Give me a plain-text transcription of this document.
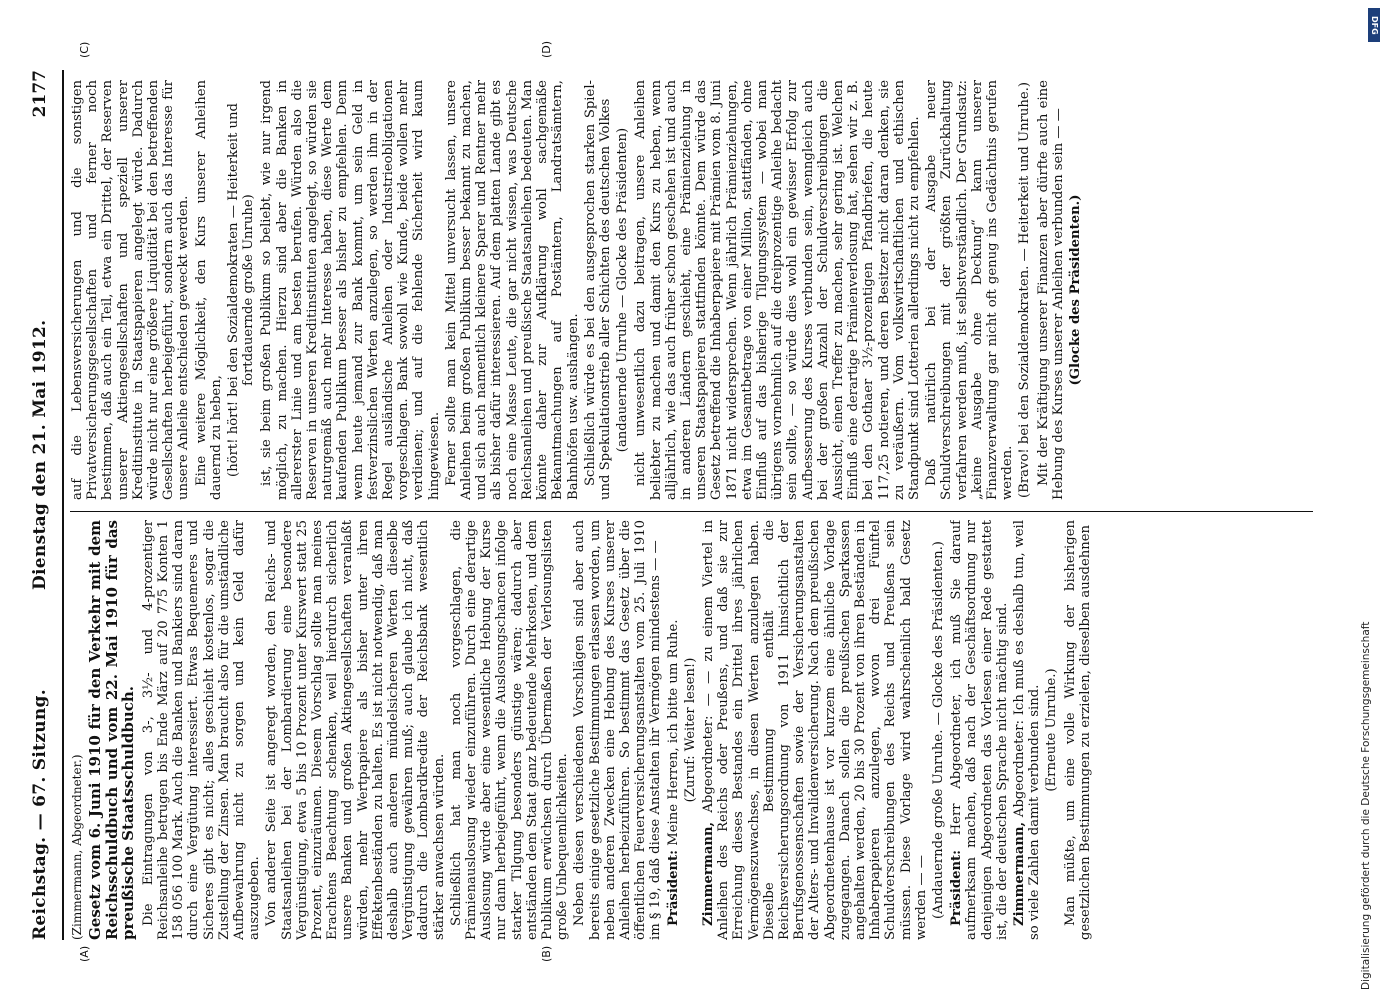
Reichstag. — 67. Sitzung.
Dienstag den 21. Mai 1912.
2177
(A)	(B)
(C)	(D)

(Zimmermann, Abgeordneter.) Gesetz vom 6. Juni 1910 für den Verkehr mit dem Reichsschuldbuch und vom 22. Mai 1910 für das preußische Staatsschuldbuch. Die Eintragungen von 3-, 3½- und 4-prozentiger Reichsanleihe betrugen bis Ende März auf 20 775 Konten 1 158 056 100 Mark. Auch die Banken und Bankiers sind daran durch eine Vergütung interessiert. Etwas Bequemeres und Sicheres gibt es nicht; alles geschieht kostenlos, sogar die Zustellung der Zinsen. Man braucht also für die umständliche Aufbewahrung nicht zu sorgen und kein Geld dafür auszugeben. Von anderer Seite ist angeregt worden, den Reichs- und Staatsanleihen bei der Lombardierung eine besondere Vergünstigung, etwa 5 bis 10 Prozent unter Kurswert statt 25 Prozent, einzuräumen. Diesem Vorschlag sollte man meines Erachtens Beachtung schenken, weil hierdurch sicherlich unsere Banken und großen Aktiengesellschaften veranlaßt würden, mehr Wertpapiere als bisher unter ihren Effektenbeständen zu halten. Es ist nicht notwendig, daß man deshalb auch anderen mündelsicheren Werten dieselbe Vergünstigung gewähren muß; auch glaube ich nicht, daß dadurch die Lombardkredite der Reichsbank wesentlich stärker anwachsen würden. Schließlich hat man noch vorgeschlagen, die Prämienauslosung wieder einzuführen. Durch eine derartige Auslosung würde aber eine wesentliche Hebung der Kurse nur dann herbeigeführt, wenn die Auslosungschancen infolge starker Tilgung besonders günstige wären; dadurch aber entständen dem Staat ganz bedeutende Mehrkosten, und dem Publikum erwüchsen durch Übermaßen der Verlosungslisten große Unbequemlichkeiten. Neben diesen verschiedenen Vorschlägen sind aber auch bereits einige gesetzliche Bestimmungen erlassen worden, um neben anderen Zwecken eine Hebung des Kurses unserer Anleihen herbeizuführen. So bestimmt das Gesetz über die öffentlichen Feuerversicherungsanstalten vom 25. Juli 1910 im § 19, daß diese Anstalten ihr Vermögen mindestens — — Präsident: Meine Herren, ich bitte um Ruhe. (Zuruf: Weiter lesen!)

Zimmermann, Abgeordneter: — — zu einem Viertel in Anleihen des Reichs oder Preußens, und daß sie zur Erreichung dieses Bestandes ein Drittel ihres jährlichen Vermögenszuwachses, in diesen Werten anzulegen haben. Dieselbe Bestimmung enthält die Reichsversicherungsordnung von 1911 hinsichtlich der Berufsgenossenschaften sowie der Versicherungsanstalten der Alters- und Invalidenversicherung. Nach dem preußischen Abgeordnetenhause ist vor kurzem eine ähnliche Vorlage zugegangen. Danach sollen die preußischen Sparkassen angehalten werden, 20 bis 30 Prozent von ihren Beständen in Inhaberpapieren anzulegen, wovon drei Fünftel Schuldverschreibungen des Reichs und Preußens sein müssen. Diese Vorlage wird wahrscheinlich bald Gesetz werden — — (Andauernde große Unruhe. — Glocke des Präsidenten.) Präsident: Herr Abgeordneter, ich muß Sie darauf aufmerksam machen, daß nach der Geschäftsordnung nur denjenigen Abgeordneten das Vorlesen einer Rede gestattet ist, die der deutschen Sprache nicht mächtig sind. Zimmermann, Abgeordneter: Ich muß es deshalb tun, weil so viele Zahlen damit verbunden sind. (Erneute Unruhe.) Man müßte, um eine volle Wirkung der bisherigen gesetzlichen Bestimmungen zu erzielen, dieselben ausdehnen

auf die Lebensversicherungen und die sonstigen Privatversicherungsgesellschaften und ferner noch bestimmen, daß auch ein Teil, etwa ein Drittel, der Reserven unserer Aktiengesellschaften und speziell unserer Kreditinstitute in Staatspapieren angelegt würde. Dadurch würde nicht nur eine größere Liquidität bei den betreffenden Gesellschaften herbeigeführt, sondern auch das Interesse für unsere Anleihe entschieden geweckt werden. Eine weitere Möglichkeit, den Kurs unserer Anleihen dauernd zu heben, (hört! hört! bei den Sozialdemokraten — Heiterkeit und fortdauernde große Unruhe) ist, sie beim großen Publikum so beliebt, wie nur irgend möglich, zu machen. Hierzu sind aber die Banken in allererster Linie und am besten berufen. Würden also die Reserven in unseren Kreditinstituten angelegt, so würden sie naturgemäß auch mehr Interesse haben, diese Werte dem kaufenden Publikum besser als bisher zu empfehlen. Denn wenn heute jemand zur Bank kommt, um sein Geld in festverzinslichen Werten anzulegen, so werden ihm in der Regel ausländische Anleihen oder Industrieobligationen vorgeschlagen. Bank sowohl wie Kunde, beide wollen mehr verdienen; und auf die fehlende Sicherheit wird kaum hingewiesen. Ferner sollte man kein Mittel unversucht lassen, unsere Anleihen beim großen Publikum besser bekannt zu machen, und sich auch namentlich kleinere Sparer und Rentner mehr als bisher dafür interessieren. Auf dem platten Lande gibt es noch eine Masse Leute, die gar nicht wissen, was Deutsche Reichsanleihen und preußische Staatsanleihen bedeuten. Man könnte daher zur Aufklärung wohl sachgemäße Bekanntmachungen auf Postämtern, Landratsämtern, Bahnhöfen usw. aushängen. Schließlich würde es bei den ausgesprochen starken Spiel- und Spekulationstrieb aller Schichten des deutschen Volkes (andauernde Unruhe — Glocke des Präsidenten) nicht unwesentlich dazu beitragen, unsere Anleihen beliebter zu machen und damit den Kurs zu heben, wenn alljährlich, wie das auch früher schon geschehen ist und auch in anderen Ländern geschieht, eine Prämienziehung in unseren Staatspapieren stattfinden könnte. Dem würde das Gesetz betreffend die Inhaberpapiere mit Prämien vom 8. Juni 1871 nicht widersprechen. Wenn jährlich Prämienziehungen, etwa im Gesamtbetrage von einer Million, stattfänden, ohne Einfluß auf das bisherige Tilgungssystem — wobei man übrigens vornehmlich auf die dreiprozentige Anleihe bedacht sein sollte, — so würde dies wohl ein gewisser Erfolg zur Aufbesserung des Kurses verbunden sein, wenngleich auch bei der großen Anzahl der Schuldverschreibungen die Aussicht, einen Treffer zu machen, sehr gering ist. Welchen Einfluß eine derartige Prämienverlosung hat, sehen wir z. B. bei den Gothaer 3½-prozentigen Pfandbriefen, die heute 117,25 notieren, und deren Besitzer nicht daran denken, sie zu veräußern. Vom volkswirtschaftlichen und ethischen Standpunkt sind Lotterien allerdings nicht zu empfehlen. Daß natürlich bei der Ausgabe neuer Schuldverschreibungen mit der größten Zurückhaltung verfahren werden muß, ist selbstverständlich. Der Grundsatz: „keine Ausgabe ohne Deckung“ kann unserer Finanzverwaltung gar nicht oft genug ins Gedächtnis gerufen werden. (Bravo! bei den Sozialdemokraten. — Heiterkeit und Unruhe.) Mit der Kräftigung unserer Finanzen aber dürfte auch eine Hebung des Kurses unserer Anleihen verbunden sein — — (Glocke des Präsidenten.)

Digitalisierung gefördert durch die Deutsche Forschungsgemeinschaft
DFG
